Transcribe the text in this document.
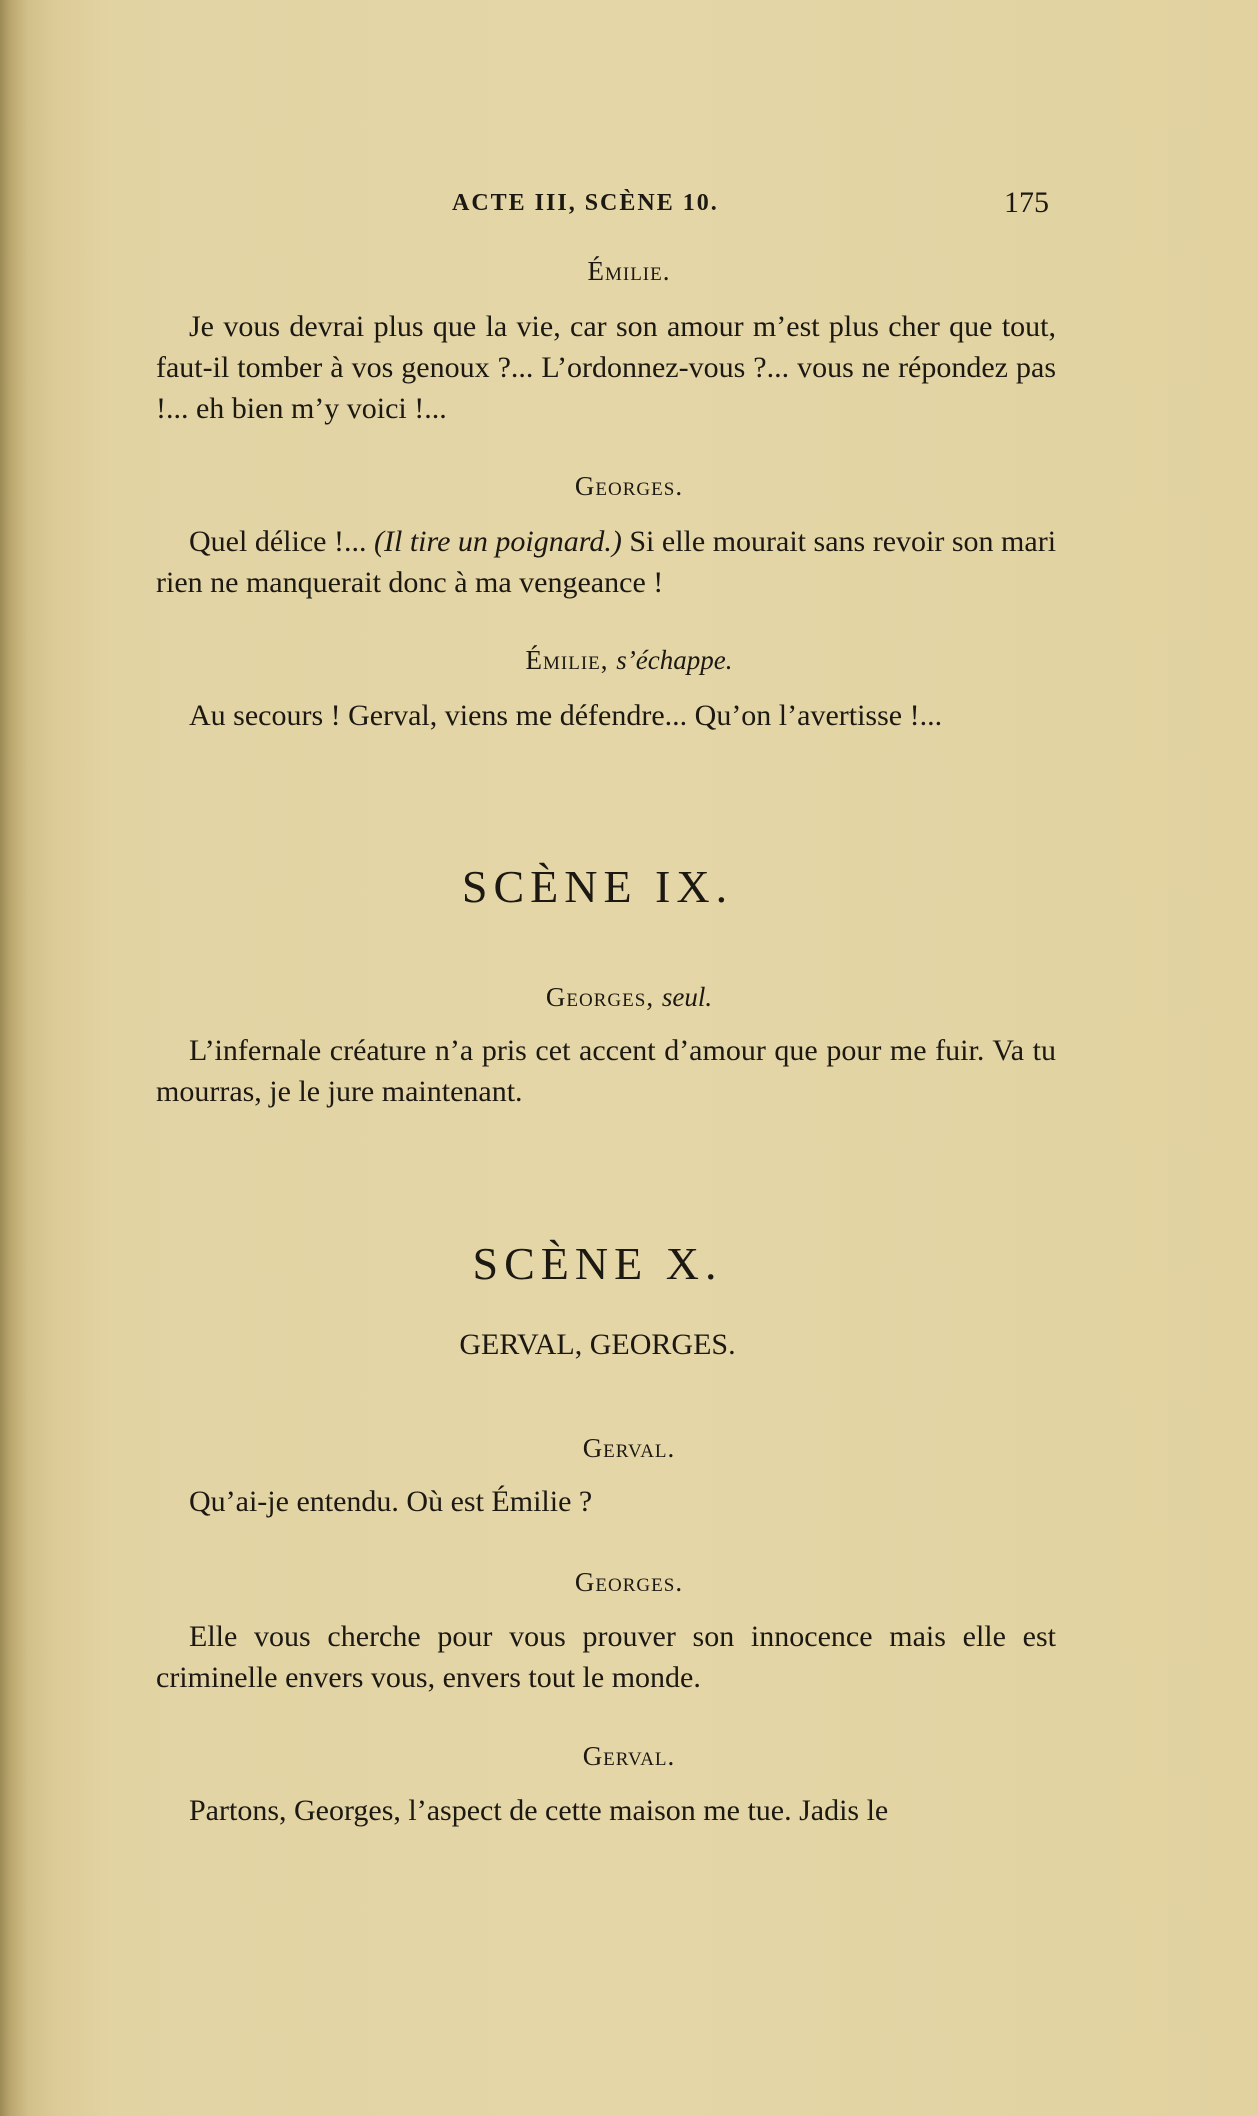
ACTE III, SCÈNE 10.	175

Émilie.

Je vous devrai plus que la vie, car son amour m’est plus cher que tout, faut-il tomber à vos genoux ?... L’ordonnez-vous ?... vous ne répondez pas !... eh bien m’y voici !...

Georges.

Quel délice !... (Il tire un poignard.) Si elle mourait sans revoir son mari rien ne manquerait donc à ma vengeance !

Émilie, s’échappe.

Au secours ! Gerval, viens me défendre... Qu’on l’avertisse !...

SCÈNE IX.

Georges, seul.

L’infernale créature n’a pris cet accent d’amour que pour me fuir. Va tu mourras, je le jure maintenant.

SCÈNE X.

GERVAL, GEORGES.

Gerval.

Qu’ai-je entendu. Où est Émilie ?

Georges.

Elle vous cherche pour vous prouver son innocence mais elle est criminelle envers vous, envers tout le monde.

Gerval.

Partons, Georges, l’aspect de cette maison me tue. Jadis le
